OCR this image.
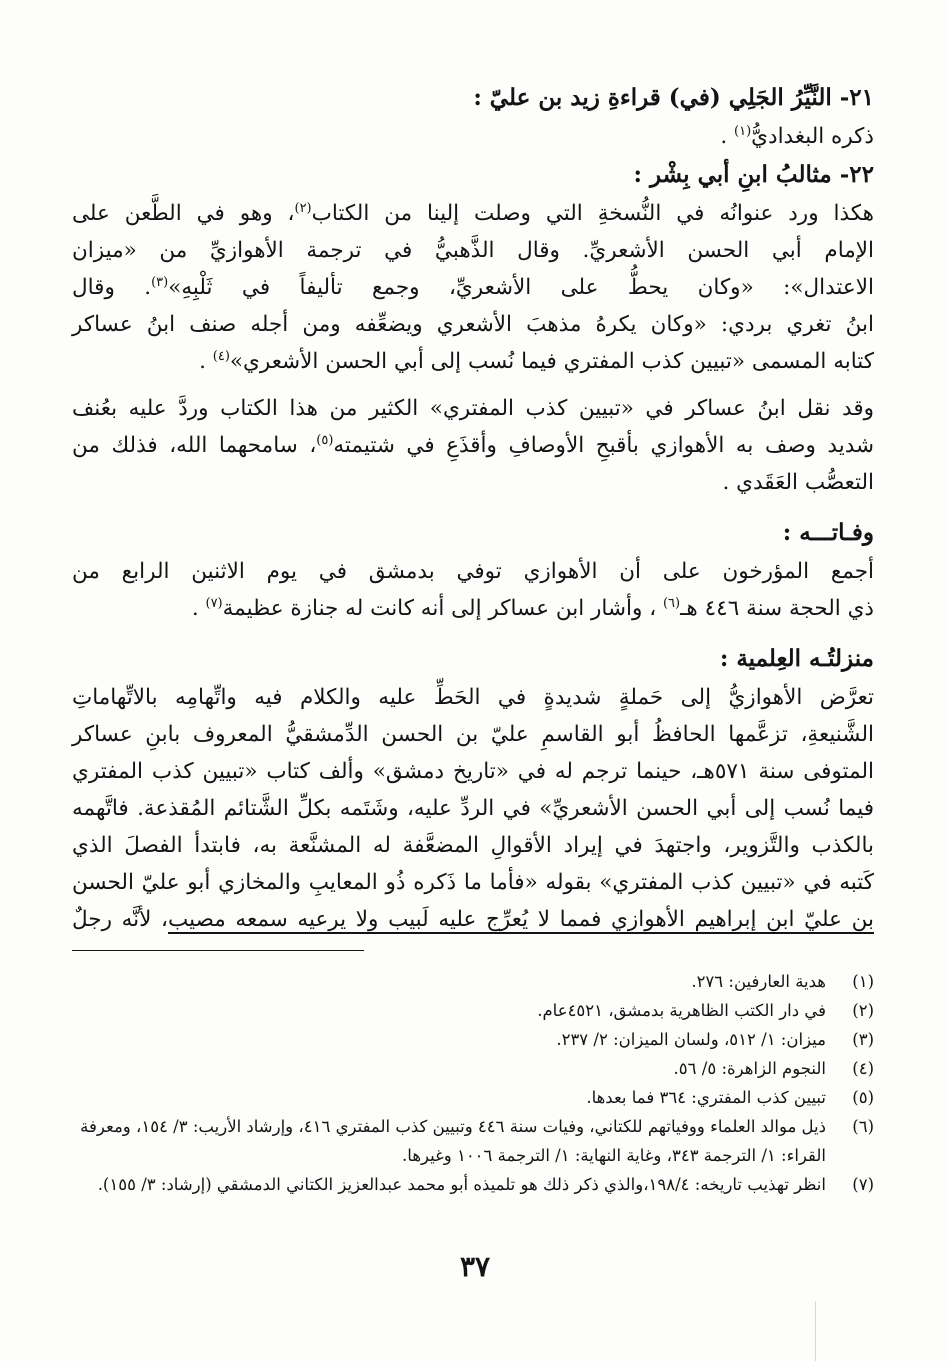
٢١- النَّيِّرُ الجَلِي (في) قراءةِ زيد بن عليّ :
ذكره البغداديُّ$^{(١)}$ .
٢٢- مثالبُ ابنِ أبي بِشْر :
هكذا ورد عنوانُه في النُّسخةِ التي وصلت إلينا من الكتاب$^{(٢)}$، وهو في الطَّعن على
الإمام أبي الحسن الأشعريِّ. وقال الذَّهبيُّ في ترجمة الأهوازيِّ من «ميزان
الاعتدال»: «وكان يحطُّ على الأشعريِّ، وجمع تأليفاً في ثَلْبِهِ»$^{(٣)}$. وقال
ابنُ تغري بردي: «وكان يكرهُ مذهبَ الأشعري ويضعِّفه ومن أجله صنف ابنُ عساكر
كتابه المسمى «تبيين كذب المفتري فيما نُسب إلى أبي الحسن الأشعري»$^{(٤)}$ .
وقد نقل ابنُ عساكر في «تبيين كذب المفتري» الكثير من هذا الكتاب وردَّ عليه بعُنف
شديد وصف به الأهوازي بأقبحِ الأوصافِ وأقذَعِ في شتيمته$^{(٥)}$، سامحهما الله، فذلك من
التعصُّب العَقَدي .
وفـاتـــه :
أجمع المؤرخون على أن الأهوازي توفي بدمشق في يوم الاثنين الرابع من
ذي الحجة سنة ٤٤٦ هـ$^{(٦)}$ ، وأشار ابن عساكر إلى أنه كانت له جنازة عظيمة$^{(٧)}$ .
منزلتُـه العِلمية :
تعرَّض الأهوازيُّ إلى حَملةٍ شديدةٍ في الحَطِّ عليه والكلام فيه واتِّهامِه بالاتِّهاماتِ
الشَّنيعةِ، تزعَّمها الحافظُ أبو القاسمِ عليّ بن الحسن الدِّمشقيُّ المعروف بابنِ عساكر
المتوفى سنة ٥٧١هـ، حينما ترجم له في «تاريخ دمشق» وألف كتاب «تبيين كذب المفتري
فيما نُسب إلى أبي الحسن الأشعريِّ» في الردِّ عليه، وشَتَمه بكلِّ الشَّتائم المُقذعة. فاتَّهمه
بالكذب والتَّزوير، واجتهدَ في إيراد الأقوالِ المضعَّفة له المشنَّعة به، فابتدأ الفصلَ الذي
كَتبه في «تبيين كذب المفتري» بقوله «فأما ما ذَكره ذُو المعايبِ والمخازي أبو عليّ الحسن
بن عليّ ابن إبراهيم الأهوازي فمما لا يُعرِّج عليه لَبيب ولا يرعيه سمعه مصيب، لأنَّه رجلٌ
(١)
هدية العارفين: ٢٧٦.
(٢)
في دار الكتب الظاهرية بدمشق، ٤٥٢١عام.
(٣)
ميزان: ١/ ٥١٢، ولسان الميزان: ٢/ ٢٣٧.
(٤)
النجوم الزاهرة: ٥/ ٥٦.
(٥)
تبيين كذب المفتري: ٣٦٤ فما بعدها.
(٦)
ذيل موالد العلماء ووفياتهم للكتاني، وفيات سنة ٤٤٦ وتبيين كذب المفتري ٤١٦، وإرشاد الأريب: ٣/ ١٥٤، ومعرفة القراء: ١/ الترجمة ٣٤٣، وغاية النهاية: ١/ الترجمة ١٠٠٦ وغيرها.
(٧)
انظر تهذيب تاريخه: ١٩٨/٤،والذي ذكر ذلك هو تلميذه أبو محمد عبدالعزيز الكتاني الدمشقي (إرشاد: ٣/ ١٥٥).
٣٧
